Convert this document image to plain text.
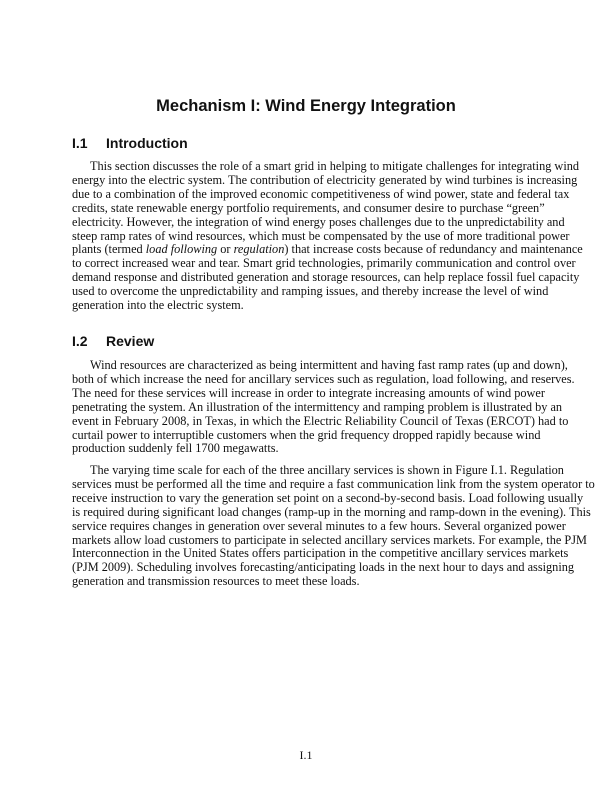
Mechanism I: Wind Energy Integration
I.1 Introduction
This section discusses the role of a smart grid in helping to mitigate challenges for integrating wind
energy into the electric system. The contribution of electricity generated by wind turbines is increasing
due to a combination of the improved economic competitiveness of wind power, state and federal tax
credits, state renewable energy portfolio requirements, and consumer desire to purchase “green”
electricity. However, the integration of wind energy poses challenges due to the unpredictability and
steep ramp rates of wind resources, which must be compensated by the use of more traditional power
plants (termed load following or regulation) that increase costs because of redundancy and maintenance
to correct increased wear and tear. Smart grid technologies, primarily communication and control over
demand response and distributed generation and storage resources, can help replace fossil fuel capacity
used to overcome the unpredictability and ramping issues, and thereby increase the level of wind
generation into the electric system.
I.2 Review
Wind resources are characterized as being intermittent and having fast ramp rates (up and down),
both of which increase the need for ancillary services such as regulation, load following, and reserves.
The need for these services will increase in order to integrate increasing amounts of wind power
penetrating the system. An illustration of the intermittency and ramping problem is illustrated by an
event in February 2008, in Texas, in which the Electric Reliability Council of Texas (ERCOT) had to
curtail power to interruptible customers when the grid frequency dropped rapidly because wind
production suddenly fell 1700 megawatts.
The varying time scale for each of the three ancillary services is shown in Figure I.1. Regulation
services must be performed all the time and require a fast communication link from the system operator to
receive instruction to vary the generation set point on a second-by-second basis. Load following usually
is required during significant load changes (ramp-up in the morning and ramp-down in the evening). This
service requires changes in generation over several minutes to a few hours. Several organized power
markets allow load customers to participate in selected ancillary services markets. For example, the PJM
Interconnection in the United States offers participation in the competitive ancillary services markets
(PJM 2009). Scheduling involves forecasting/anticipating loads in the next hour to days and assigning
generation and transmission resources to meet these loads.
I.1
